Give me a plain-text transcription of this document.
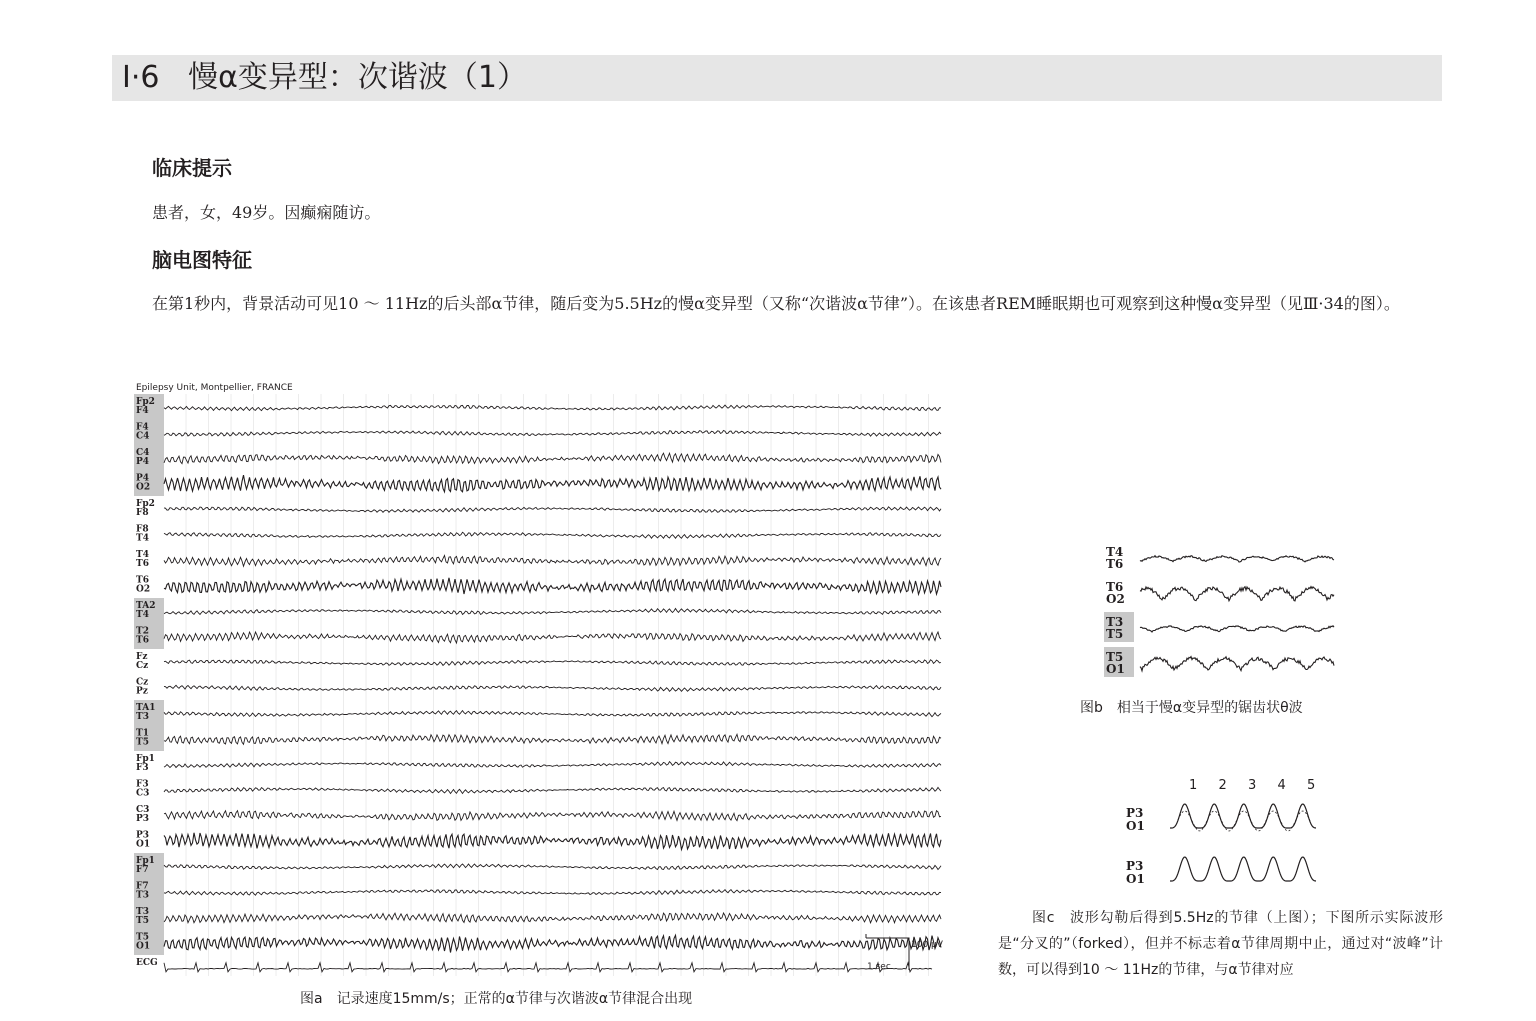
Ⅰ·6 慢α变异型：次谐波（1）
临床提示
患者，女，49岁。因癫痫随访。
脑电图特征
在第1秒内，背景活动可见10 ～ 11Hz的后头部α节律，随后变为5.5Hz的慢α变异型（又称“次谐波α节律”）。在该患者REM睡眠期也可观察到这种慢α变异型（见Ⅲ·34的图）。
Epilepsy Unit, Montpellier, FRANCE
Fp2
F4
F4
C4
C4
P4
P4
O2
Fp2
F8
F8
T4
T4
T6
T6
O2
TA2
T4
T2
T6
Fz
Cz
Cz
Pz
TA1
T3
T1
T5
Fp1
F3
F3
C3
C3
P3
P3
O1
Fp1
F7
F7
T3
T3
T5
T5
O1
ECG
100 μV
1 sec
图a　记录速度15mm/s；正常的α节律与次谐波α节律混合出现
T4
T6
T6
O2
T3
T5
T5
O1
图b　相当于慢α变异型的锯齿状θ波
1 2 3 4 5
P3
O1
P3
O1
图c　波形勾勒后得到5.5Hz的节律（上图）；下图所示实际波形是“分叉的”（forked），但并不标志着α节律周期中止，通过对“波峰”计数，可以得到10 ～ 11Hz的节律，与α节律对应
